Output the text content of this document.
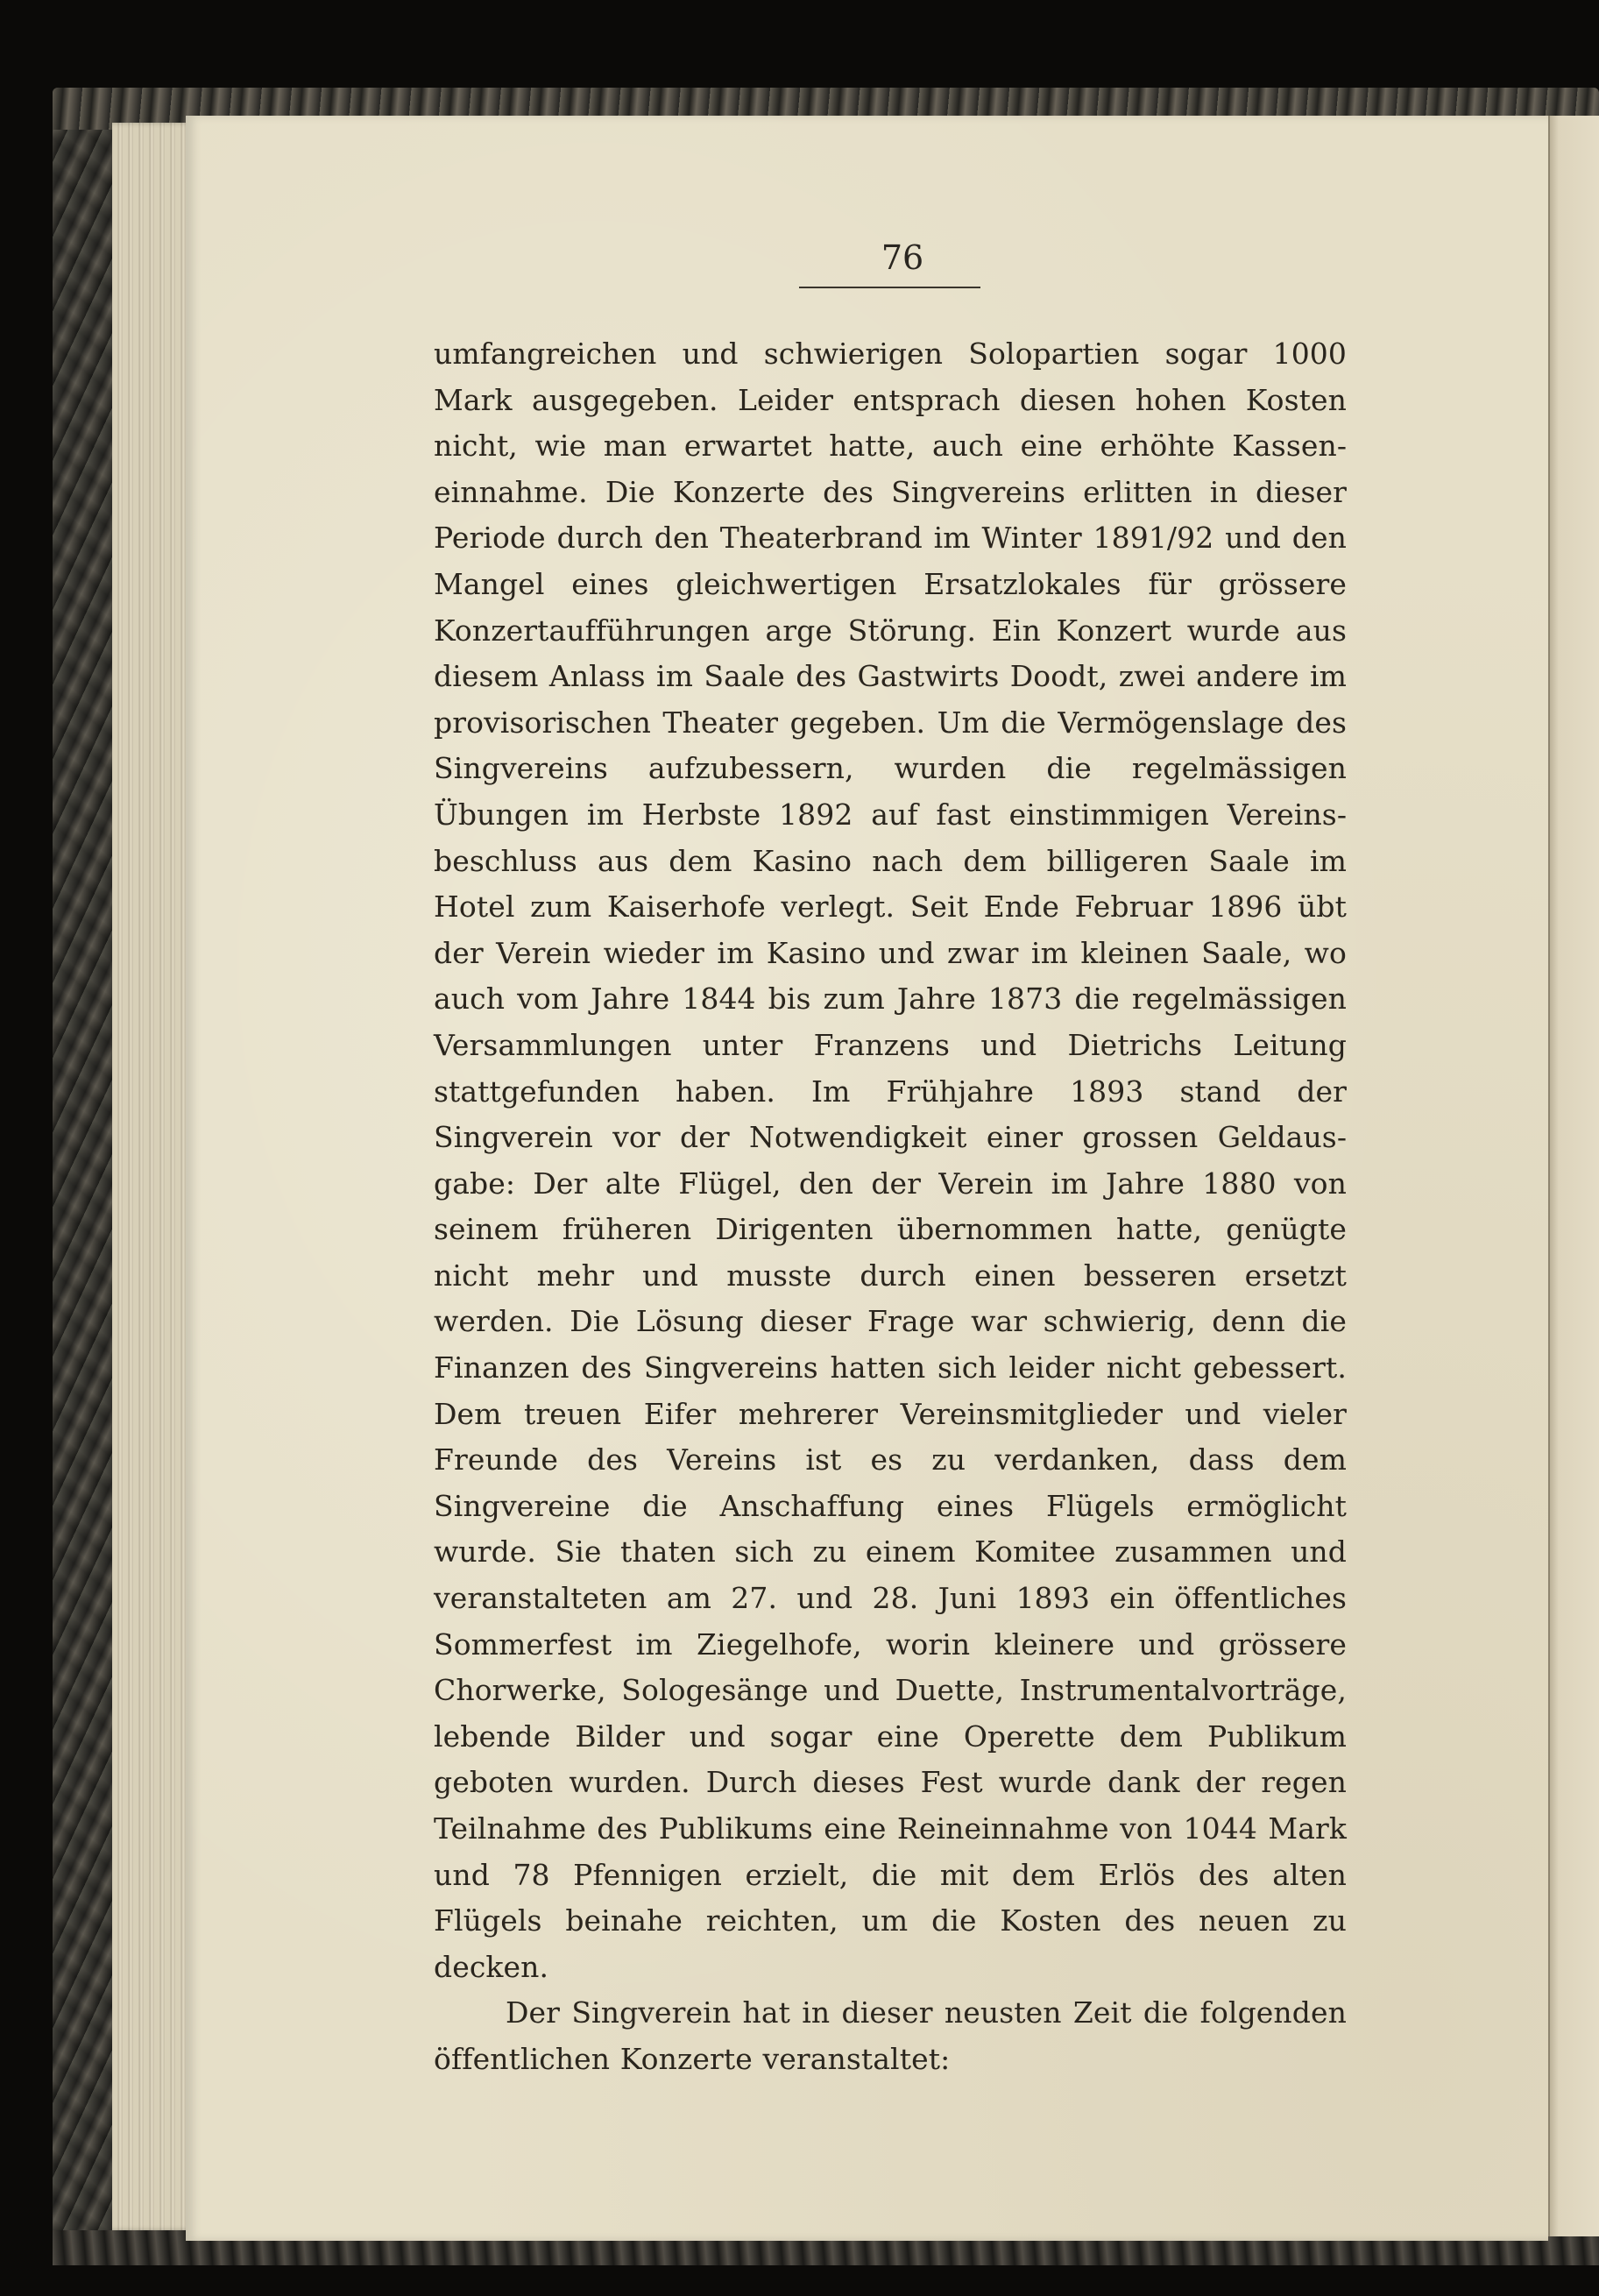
76

umfangreichen und schwierigen Solopartien sogar 1000 Mark ausgegeben. Leider entsprach diesen hohen Kosten nicht, wie man erwartet hatte, auch eine erhöhte Kasseneinnahme. Die Konzerte des Singvereins erlitten in dieser Periode durch den Theaterbrand im Winter 1891/92 und den Mangel eines gleichwertigen Ersatzlokales für grössere Konzertaufführungen arge Störung. Ein Konzert wurde aus diesem Anlass im Saale des Gastwirts Doodt, zwei andere im provisorischen Theater gegeben. Um die Vermögenslage des Singvereins aufzubessern, wurden die regelmässigen Übungen im Herbste 1892 auf fast einstimmigen Vereinsbeschluss aus dem Kasino nach dem billigeren Saale im Hotel zum Kaiserhofe verlegt. Seit Ende Februar 1896 übt der Verein wieder im Kasino und zwar im kleinen Saale, wo auch vom Jahre 1844 bis zum Jahre 1873 die regelmässigen Versammlungen unter Franzens und Dietrichs Leitung stattgefunden haben. Im Frühjahre 1893 stand der Singverein vor der Notwendigkeit einer grossen Geldausgabe: Der alte Flügel, den der Verein im Jahre 1880 von seinem früheren Dirigenten übernommen hatte, genügte nicht mehr und musste durch einen besseren ersetzt werden. Die Lösung dieser Frage war schwierig, denn die Finanzen des Singvereins hatten sich leider nicht gebessert. Dem treuen Eifer mehrerer Vereinsmitglieder und vieler Freunde des Vereins ist es zu verdanken, dass dem Singvereine die Anschaffung eines Flügels ermöglicht wurde. Sie thaten sich zu einem Komitee zusammen und veranstalteten am 27. und 28. Juni 1893 ein öffentliches Sommerfest im Ziegelhofe, worin kleinere und grössere Chorwerke, Sologesänge und Duette, Instrumentalvorträge, lebende Bilder und sogar eine Operette dem Publikum geboten wurden. Durch dieses Fest wurde dank der regen Teilnahme des Publikums eine Reineinnahme von 1044 Mark und 78 Pfennigen erzielt, die mit dem Erlös des alten Flügels beinahe reichten, um die Kosten des neuen zu decken.

Der Singverein hat in dieser neusten Zeit die folgenden öffentlichen Konzerte veranstaltet:
